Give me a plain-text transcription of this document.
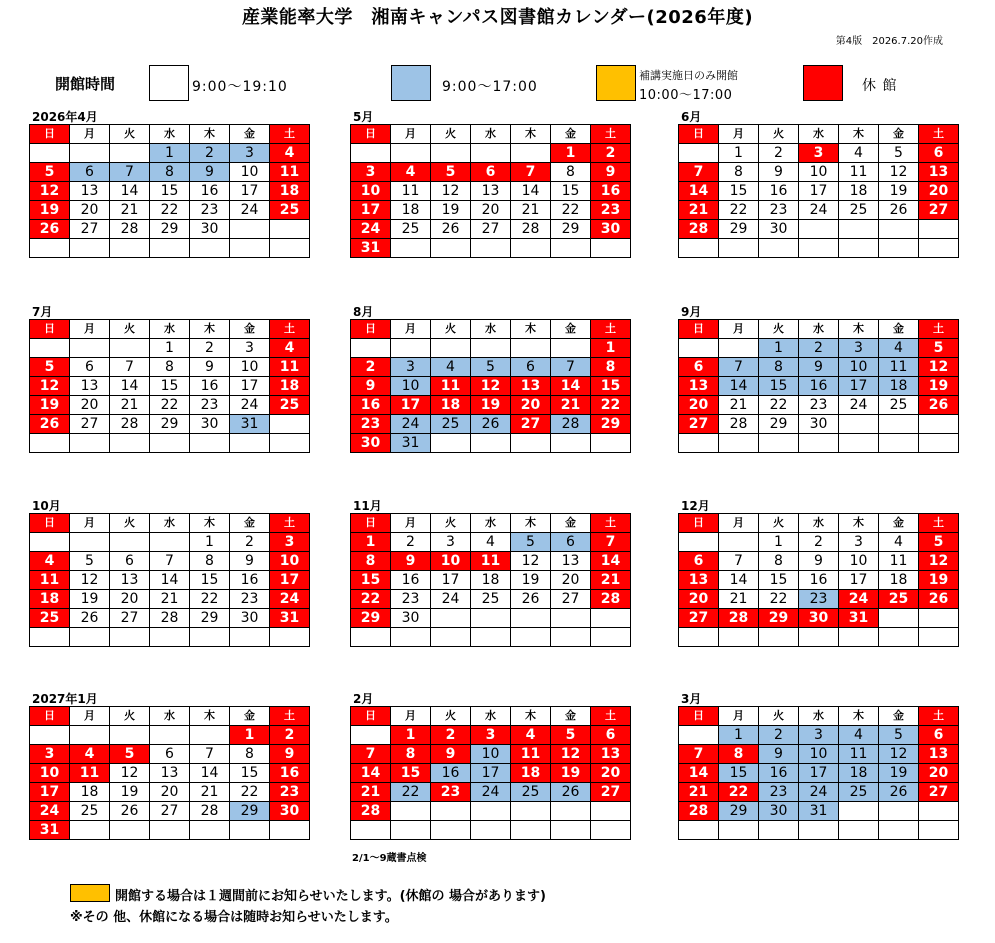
産業能率大学　湘南キャンパス図書館カレンダー(2026年度)
第4版　2026.7.20作成
開館時間	9:00～19:10	9:00～17:00
補講実施日のみ開館
10:00～17:00
休 館
2026年4月
日	月	火	水	木	金	土
			1	2	3	4
5	6	7	8	9	10	11
12	13	14	15	16	17	18
19	20	21	22	23	24	25
26	27	28	29	30		

5月
日	月	火	水	木	金	土
					1	2
3	4	5	6	7	8	9
10	11	12	13	14	15	16
17	18	19	20	21	22	23
24	25	26	27	28	29	30
31						
6月
日	月	火	水	木	金	土
	1	2	3	4	5	6
7	8	9	10	11	12	13
14	15	16	17	18	19	20
21	22	23	24	25	26	27
28	29	30				

7月
日	月	火	水	木	金	土
			1	2	3	4
5	6	7	8	9	10	11
12	13	14	15	16	17	18
19	20	21	22	23	24	25
26	27	28	29	30	31	

8月
日	月	火	水	木	金	土
						1
2	3	4	5	6	7	8
9	10	11	12	13	14	15
16	17	18	19	20	21	22
23	24	25	26	27	28	29
30	31					
9月
日	月	火	水	木	金	土
		1	2	3	4	5
6	7	8	9	10	11	12
13	14	15	16	17	18	19
20	21	22	23	24	25	26
27	28	29	30			

10月
日	月	火	水	木	金	土
				1	2	3
4	5	6	7	8	9	10
11	12	13	14	15	16	17
18	19	20	21	22	23	24
25	26	27	28	29	30	31

11月
日	月	火	水	木	金	土
1	2	3	4	5	6	7
8	9	10	11	12	13	14
15	16	17	18	19	20	21
22	23	24	25	26	27	28
29	30					

12月
日	月	火	水	木	金	土
		1	2	3	4	5
6	7	8	9	10	11	12
13	14	15	16	17	18	19
20	21	22	23	24	25	26
27	28	29	30	31		

2027年1月
日	月	火	水	木	金	土
					1	2
3	4	5	6	7	8	9
10	11	12	13	14	15	16
17	18	19	20	21	22	23
24	25	26	27	28	29	30
31						
2月
日	月	火	水	木	金	土
	1	2	3	4	5	6
7	8	9	10	11	12	13
14	15	16	17	18	19	20
21	22	23	24	25	26	27
28						

3月
日	月	火	水	木	金	土
	1	2	3	4	5	6
7	8	9	10	11	12	13
14	15	16	17	18	19	20
21	22	23	24	25	26	27
28	29	30	31			

2/1～9蔵書点検
開館する場合は１週間前にお知らせいたします。(休館の 場合があります)
※その 他、休館になる場合は随時お知らせいたします。
